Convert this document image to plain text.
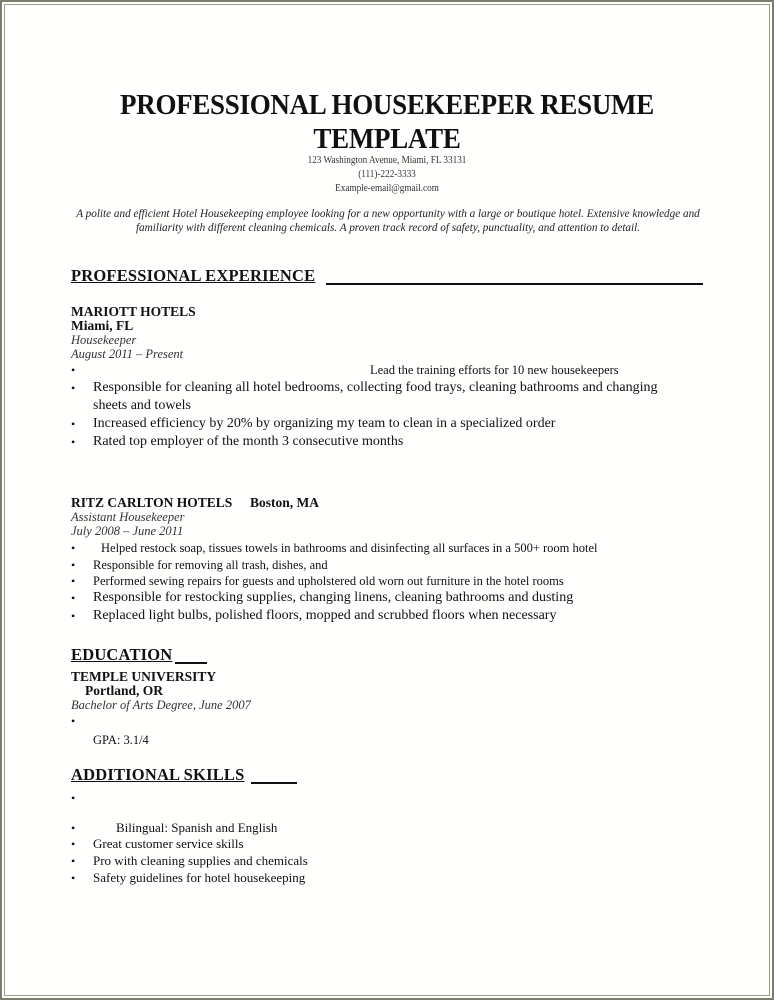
PROFESSIONAL HOUSEKEEPER RESUME
TEMPLATE
123 Washington Avenue, Miami, FL 33131
(111)-222-3333
Example-email@gmail.com
A polite and efficient Hotel Housekeeping employee looking for a new opportunity with a large or boutique hotel. Extensive knowledge and familiarity with different cleaning chemicals. A proven track record of safety, punctuality, and attention to detail.
PROFESSIONAL EXPERIENCE
MARIOTT HOTELS
Miami, FL
Housekeeper
August 2011 – Present
•	Lead the training efforts for 10 new housekeepers
• Responsible for cleaning all hotel bedrooms, collecting food trays, cleaning bathrooms and changing
sheets and towels
• Increased efficiency by 20% by organizing my team to clean in a specialized order
• Rated top employer of the month 3 consecutive months
RITZ CARLTON HOTELS Boston, MA
Assistant Housekeeper
July 2008 – June 2011
• Helped restock soap, tissues towels in bathrooms and disinfecting all surfaces in a 500+ room hotel
• Responsible for removing all trash, dishes, and
• Performed sewing repairs for guests and upholstered old worn out furniture in the hotel rooms
• Responsible for restocking supplies, changing linens, cleaning bathrooms and dusting
• Replaced light bulbs, polished floors, mopped and scrubbed floors when necessary
EDUCATION
TEMPLE UNIVERSITY
Portland, OR
Bachelor of Arts Degree, June 2007
•
GPA: 3.1/4
ADDITIONAL SKILLS
•
•	Bilingual: Spanish and English
• Great customer service skills
• Pro with cleaning supplies and chemicals
• Safety guidelines for hotel housekeeping
